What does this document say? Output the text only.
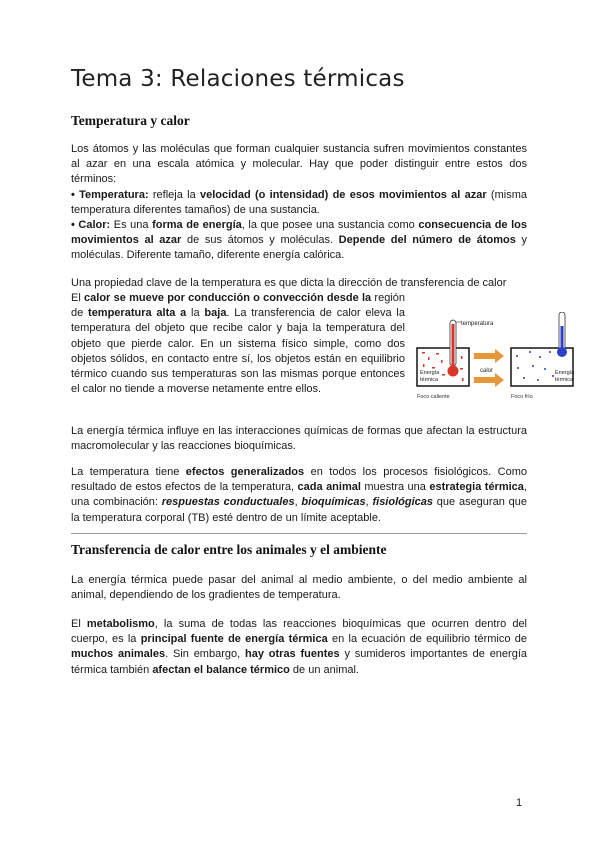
Tema 3: Relaciones térmicas
Temperatura y calor

Los átomos y las moléculas que forman cualquier sustancia sufren movimientos constantes al azar en una escala atómica y molecular. Hay que poder distinguir entre estos dos términos:

• Temperatura: refleja la velocidad (o intensidad) de esos movimientos al azar (misma temperatura diferentes tamaños) de una sustancia.

• Calor: Es una forma de energía, la que posee una sustancia como consecuencia de los movimientos al azar de sus átomos y moléculas. Depende del número de átomos y moléculas. Diferente tamaño, diferente energía calórica.

Una propiedad clave de la temperatura es que dicta la dirección de transferencia de calor

El calor se mueve por conducción o convección desde la región de temperatura alta a la baja. La transferencia de calor eleva la temperatura del objeto que recibe calor y baja la temperatura del objeto que pierde calor. En un sistema físico simple, como dos objetos sólidos, en contacto entre sí, los objetos están en equilibrio térmico cuando sus temperaturas son las mismas porque entonces el calor no tiende a moverse netamente entre ellos.

temperatura
Energía
térmica
calor	Energía
térmica
Foco caliente	Foco frío

La energía térmica influye en las interacciones químicas de formas que afectan la estructura macromolecular y las reacciones bioquímicas.

La temperatura tiene efectos generalizados en todos los procesos fisiológicos. Como resultado de estos efectos de la temperatura, cada animal muestra una estrategia térmica, una combinación: respuestas conductuales, bioquímicas, fisiológicas que aseguran que la temperatura corporal (TB) esté dentro de un límite aceptable.

Transferencia de calor entre los animales y el ambiente

La energía térmica puede pasar del animal al medio ambiente, o del medio ambiente al animal, dependiendo de los gradientes de temperatura.

El metabolismo, la suma de todas las reacciones bioquímicas que ocurren dentro del cuerpo, es la principal fuente de energía térmica en la ecuación de equilibrio térmico de muchos animales. Sin embargo, hay otras fuentes y sumideros importantes de energía térmica también afectan el balance térmico de un animal.

1
